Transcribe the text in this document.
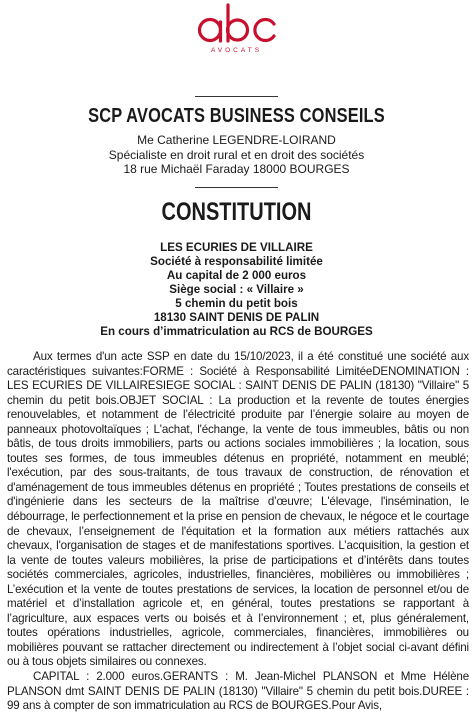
AVOCATS
SCP AVOCATS BUSINESS CONSEILS
Me Catherine LEGENDRE-LOIRAND
Spécialiste en droit rural et en droit des sociétés
18 rue Michaël Faraday 18000 BOURGES
CONSTITUTION
LES ECURIES DE VILLAIRE
Société à responsabilité limitée
Au capital de 2 000 euros
Siège social : « Villaire »
5 chemin du petit bois
18130 SAINT DENIS DE PALIN
En cours d’immatriculation au RCS de BOURGES

Aux termes d'un acte SSP en date du 15/10/2023, il a été constitué une société aux caractéristiques suivantes:FORME : Société à Responsabilité LimitéeDENOMINATION : LES ECURIES DE VILLAIRESIEGE SOCIAL : SAINT DENIS DE PALIN (18130) "Villaire" 5 chemin du petit bois.OBJET SOCIAL : La production et la revente de toutes énergies renouvelables, et notamment de l’électricité produite par l’énergie solaire au moyen de panneaux photovoltaïques ; L'achat, l'échange, la vente de tous immeubles, bâtis ou non bâtis, de tous droits immobiliers, parts ou actions sociales immobilières ; la location, sous toutes ses formes, de tous immeubles détenus en propriété, notamment en meublé; l'exécution, par des sous-traitants, de tous travaux de construction, de rénovation et d'aménagement de tous immeubles détenus en propriété ; Toutes prestations de conseils et d'ingénierie dans les secteurs de la maîtrise d’œuvre; L'élevage, l'insémination, le débourrage, le perfectionnement et la prise en pension de chevaux, le négoce et le courtage de chevaux, l’enseignement de l'équitation et la formation aux métiers rattachés aux chevaux, l'organisation de stages et de manifestations sportives. L’acquisition, la gestion et la vente de toutes valeurs mobilières, la prise de participations et d’intérêts dans toutes sociétés commerciales, agricoles, industrielles, financières, mobilières ou immobilières ; L’exécution et la vente de toutes prestations de services, la location de personnel et/ou de matériel et d’installation agricole et, en général, toutes prestations se rapportant à l’agriculture, aux espaces verts ou boisés et à l’environnement ; et, plus généralement, toutes opérations industrielles, agricole, commerciales, financières, immobilières ou mobilières pouvant se rattacher directement ou indirectement à l’objet social ci-avant défini ou à tous objets similaires ou connexes.

CAPITAL : 2.000 euros.GERANTS : M. Jean-Michel PLANSON et Mme Hélène PLANSON dmt SAINT DENIS DE PALIN (18130) "Villaire" 5 chemin du petit bois.DUREE : 99 ans à compter de son immatriculation au RCS de BOURGES.Pour Avis,
